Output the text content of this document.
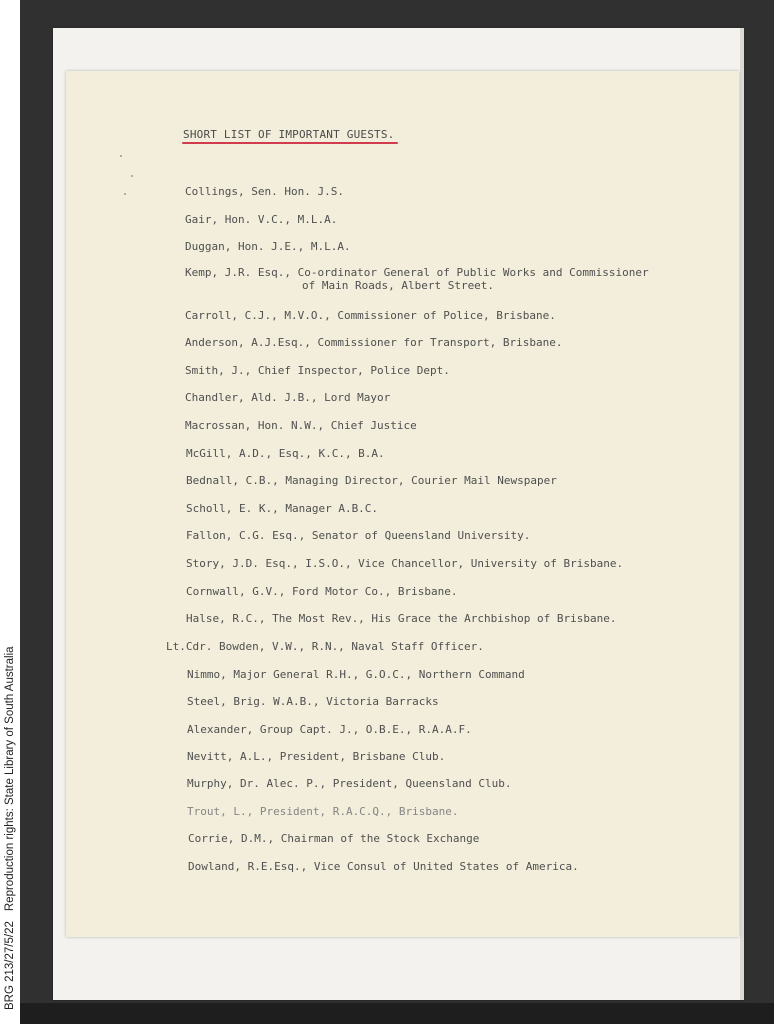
BRG 213/27/5/22Reproduction rights: State Library of South Australia
SHORT LIST OF IMPORTANT GUESTS.
Collings, Sen. Hon. J.S.
Gair, Hon. V.C., M.L.A.
Duggan, Hon. J.E., M.L.A.
Kemp, J.R. Esq., Co-ordinator General of Public Works and Commissioner
of Main Roads, Albert Street.
Carroll, C.J., M.V.O., Commissioner of Police, Brisbane.
Anderson, A.J.Esq., Commissioner for Transport, Brisbane.
Smith, J., Chief Inspector, Police Dept.
Chandler, Ald. J.B., Lord Mayor
Macrossan, Hon. N.W., Chief Justice
McGill, A.D., Esq., K.C., B.A.
Bednall, C.B., Managing Director, Courier Mail Newspaper
Scholl, E. K., Manager A.B.C.
Fallon, C.G. Esq., Senator of Queensland University.
Story, J.D. Esq., I.S.O., Vice Chancellor, University of Brisbane.
Cornwall, G.V., Ford Motor Co., Brisbane.
Halse, R.C., The Most Rev., His Grace the Archbishop of Brisbane.
Lt.Cdr. Bowden, V.W., R.N., Naval Staff Officer.
Nimmo, Major General R.H., G.O.C., Northern Command
Steel, Brig. W.A.B., Victoria Barracks
Alexander, Group Capt. J., O.B.E., R.A.A.F.
Nevitt, A.L., President, Brisbane Club.
Murphy, Dr. Alec. P., President, Queensland Club.
Trout, L., President, R.A.C.Q., Brisbane.
Corrie, D.M., Chairman of the Stock Exchange
Dowland, R.E.Esq., Vice Consul of United States of America.
